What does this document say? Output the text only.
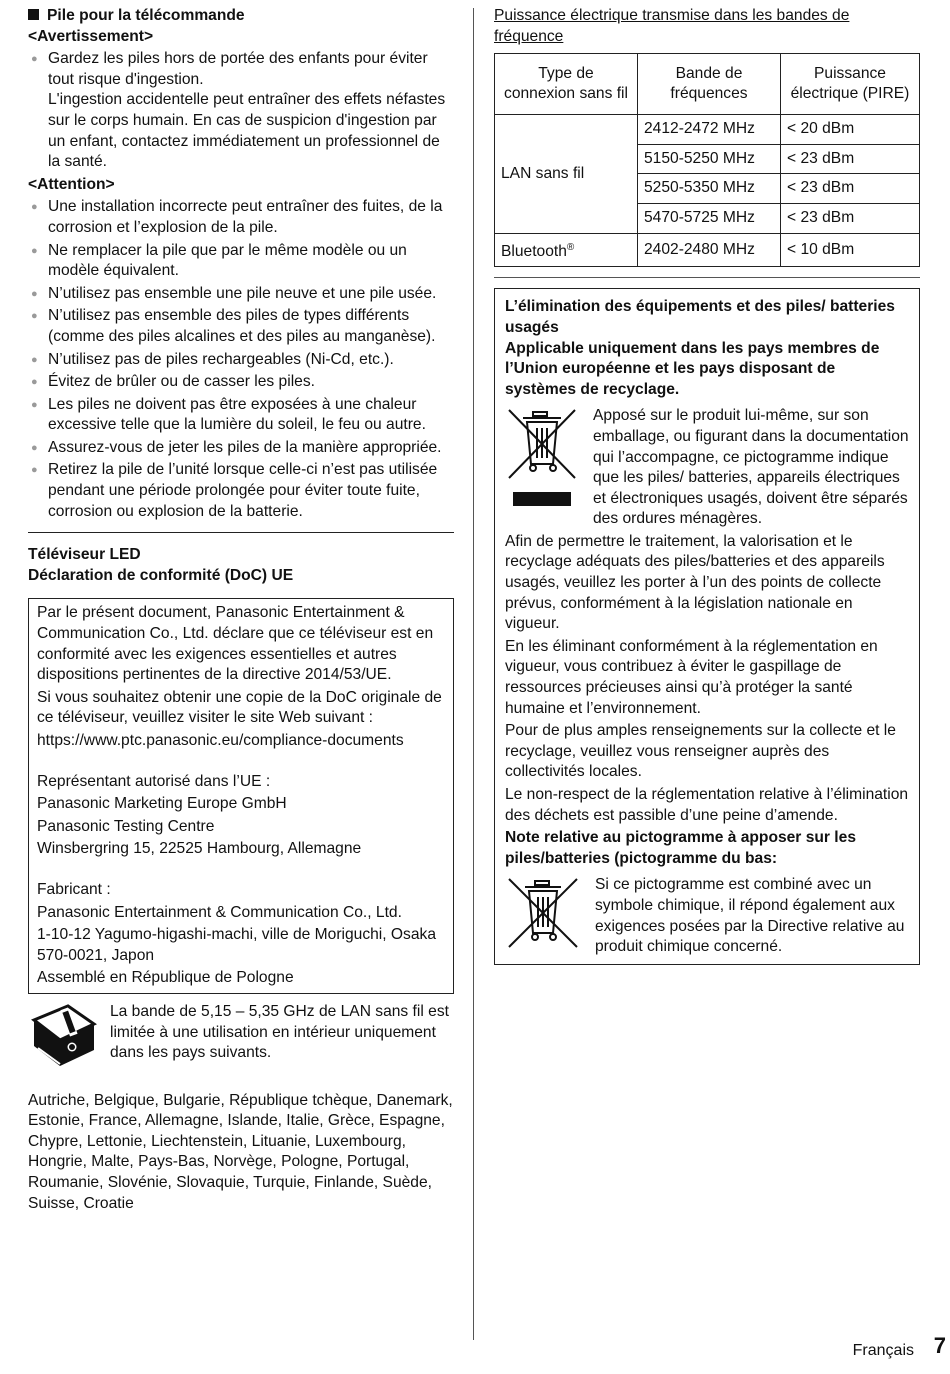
Pile pour la télécommande
<Avertissement>
● Gardez les piles hors de portée des enfants pour éviter tout risque d'ingestion.
L'ingestion accidentelle peut entraîner des effets néfastes sur le corps humain. En cas de suspicion d'ingestion par un enfant, contactez immédiatement un professionnel de la santé.
<Attention>
● Une installation incorrecte peut entraîner des fuites, de la corrosion et l’explosion de la pile.
● Ne remplacer la pile que par le même modèle ou un modèle équivalent.
● N’utilisez pas ensemble une pile neuve et une pile usée.
● N’utilisez pas ensemble des piles de types différents (comme des piles alcalines et des piles au manganèse).
● N’utilisez pas de piles rechargeables (Ni-Cd, etc.).
● Évitez de brûler ou de casser les piles.
● Les piles ne doivent pas être exposées à une chaleur excessive telle que la lumière du soleil, le feu ou autre.
● Assurez-vous de jeter les piles de la manière appropriée.
● Retirez la pile de l’unité lorsque celle-ci n’est pas utilisée pendant une période prolongée pour éviter toute fuite, corrosion ou explosion de la batterie.
Téléviseur LED
Déclaration de conformité (DoC) UE

Par le présent document, Panasonic Entertainment & Communication Co., Ltd. déclare que ce téléviseur est en conformité avec les exigences essentielles et autres dispositions pertinentes de la directive 2014/53/UE.

Si vous souhaitez obtenir une copie de la DoC originale de ce téléviseur, veuillez visiter le site Web suivant :

https://www.ptc.panasonic.eu/compliance-documents

Représentant autorisé dans l’UE :

Panasonic Marketing Europe GmbH

Panasonic Testing Centre

Winsbergring 15, 22525 Hambourg, Allemagne

Fabricant :

Panasonic Entertainment & Communication Co., Ltd.

1-10-12 Yagumo-higashi-machi, ville de Moriguchi, Osaka 570-0021, Japon

Assemblé en République de Pologne

La bande de 5,15 – 5,35 GHz de LAN sans fil est limitée à une utilisation en intérieur uniquement dans les pays suivants.

Autriche, Belgique, Bulgarie, République tchèque, Danemark, Estonie, France, Allemagne, Islande, Italie, Grèce, Espagne, Chypre, Lettonie, Liechtenstein, Lituanie, Luxembourg, Hongrie, Malte, Pays-Bas, Norvège, Pologne, Portugal, Roumanie, Slovénie, Slovaquie, Turquie, Finlande, Suède, Suisse, Croatie

Puissance électrique transmise dans les bandes de fréquence
Type de connexion sans fil	Bande de fréquences	Puissance électrique (PIRE)
LAN sans fil	2412-2472 MHz	< 20 dBm
	5150-5250 MHz	< 23 dBm
	5250-5350 MHz	< 23 dBm
	5470-5725 MHz	< 23 dBm
Bluetooth®	2402-2480 MHz	< 10 dBm
L’élimination des équipements et des piles/ batteries usagés
Applicable uniquement dans les pays membres de l’Union européenne et les pays disposant de systèmes de recyclage.

Apposé sur le produit lui-même, sur son emballage, ou figurant dans la documentation qui l’accompagne, ce pictogramme indique que les piles/ batteries, appareils électriques et électroniques usagés, doivent être séparés des ordures ménagères.

Afin de permettre le traitement, la valorisation et le recyclage adéquats des piles/batteries et des appareils usagés, veuillez les porter à l’un des points de collecte prévus, conformément à la législation nationale en vigueur.

En les éliminant conformément à la réglementation en vigueur, vous contribuez à éviter le gaspillage de ressources précieuses ainsi qu’à protéger la santé humaine et l’environnement.

Pour de plus amples renseignements sur la collecte et le recyclage, veuillez vous renseigner auprès des collectivités locales.

Le non-respect de la réglementation relative à l’élimination des déchets est passible d’une peine d’amende.

Note relative au pictogramme à apposer sur les piles/batteries (pictogramme du bas:

Si ce pictogramme est combiné avec un symbole chimique, il répond également aux exigences posées par la Directive relative au produit chimique concerné.

Français 7
